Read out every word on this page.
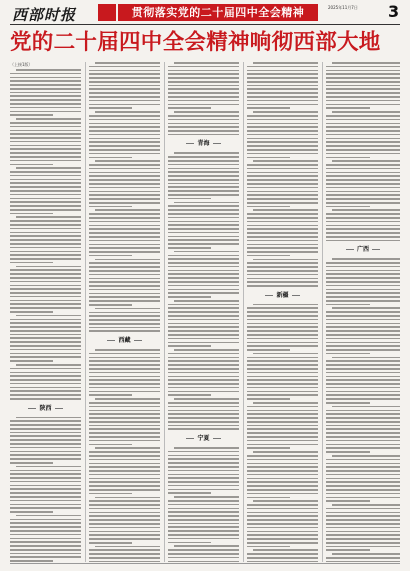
西部时报	贯彻落实党的二十届四中全会精神	2025年11月7日 3
党的二十届四中全会精神响彻西部大地
（上接1版）
陕西
西藏
青海
宁夏
新疆
广西
